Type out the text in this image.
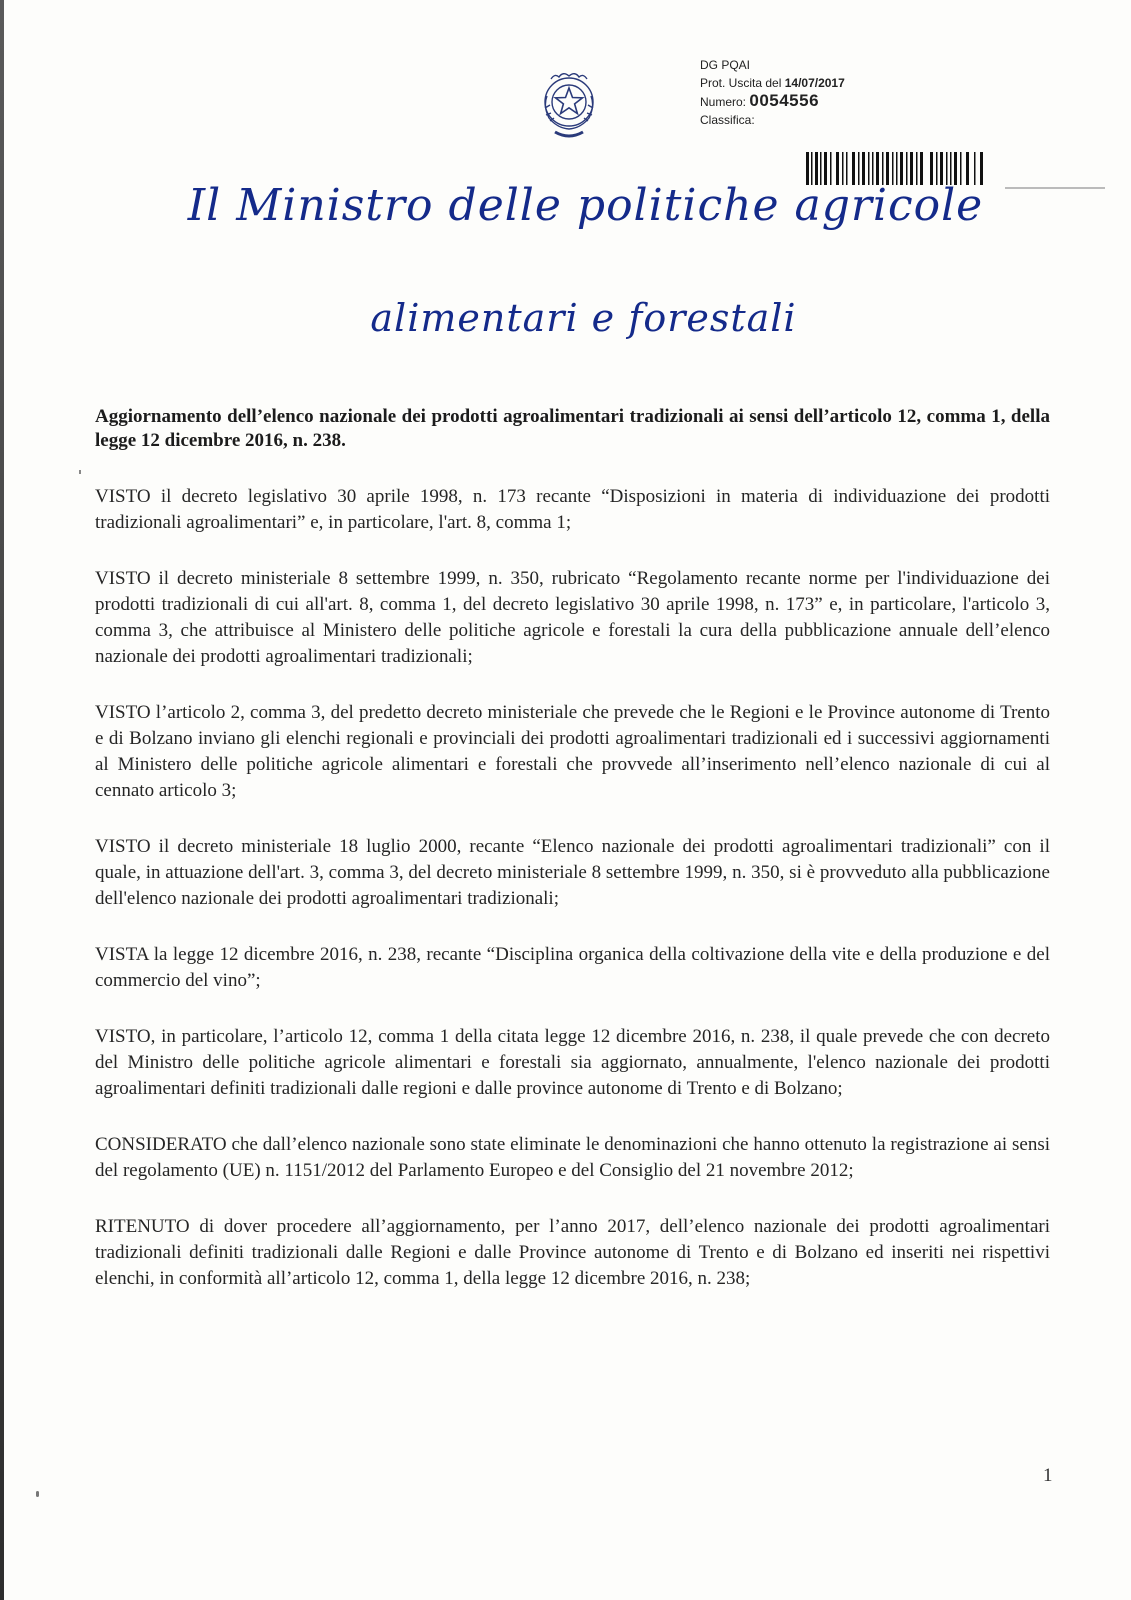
DG PQAI
Prot. Uscita del 14/07/2017
Numero: 0054556
Classifica:
Il Ministro delle politiche agricole
alimentari e forestali
Aggiornamento dell’elenco nazionale dei prodotti agroalimentari tradizionali ai sensi dell’articolo 12, comma 1, della legge 12 dicembre 2016, n. 238.

VISTO il decreto legislativo 30 aprile 1998, n. 173 recante “Disposizioni in materia di individuazione dei prodotti tradizionali agroalimentari” e, in particolare, l'art. 8, comma 1;

VISTO il decreto ministeriale 8 settembre 1999, n. 350, rubricato “Regolamento recante norme per l'individuazione dei prodotti tradizionali di cui all'art. 8, comma 1, del decreto legislativo 30 aprile 1998, n. 173” e, in particolare, l'articolo 3, comma 3, che attribuisce al Ministero delle politiche agricole e forestali la cura della pubblicazione annuale dell’elenco nazionale dei prodotti agroalimentari tradizionali;

VISTO l’articolo 2, comma 3, del predetto decreto ministeriale che prevede che le Regioni e le Province autonome di Trento e di Bolzano inviano gli elenchi regionali e provinciali dei prodotti agroalimentari tradizionali ed i successivi aggiornamenti al Ministero delle politiche agricole alimentari e forestali che provvede all’inserimento nell’elenco nazionale di cui al cennato articolo 3;

VISTO il decreto ministeriale 18 luglio 2000, recante “Elenco nazionale dei prodotti agroalimentari tradizionali” con il quale, in attuazione dell'art. 3, comma 3, del decreto ministeriale 8 settembre 1999, n. 350, si è provveduto alla pubblicazione dell'elenco nazionale dei prodotti agroalimentari tradizionali;

VISTA la legge 12 dicembre 2016, n. 238, recante “Disciplina organica della coltivazione della vite e della produzione e del commercio del vino”;

VISTO, in particolare, l’articolo 12, comma 1 della citata legge 12 dicembre 2016, n. 238, il quale prevede che con decreto del Ministro delle politiche agricole alimentari e forestali sia aggiornato, annualmente, l'elenco nazionale dei prodotti agroalimentari definiti tradizionali dalle regioni e dalle province autonome di Trento e di Bolzano;

CONSIDERATO che dall’elenco nazionale sono state eliminate le denominazioni che hanno ottenuto la registrazione ai sensi del regolamento (UE) n. 1151/2012 del Parlamento Europeo e del Consiglio del 21 novembre 2012;

RITENUTO di dover procedere all’aggiornamento, per l’anno 2017, dell’elenco nazionale dei prodotti agroalimentari tradizionali definiti tradizionali dalle Regioni e dalle Province autonome di Trento e di Bolzano ed inseriti nei rispettivi elenchi, in conformità all’articolo 12, comma 1, della legge 12 dicembre 2016, n. 238;

1
